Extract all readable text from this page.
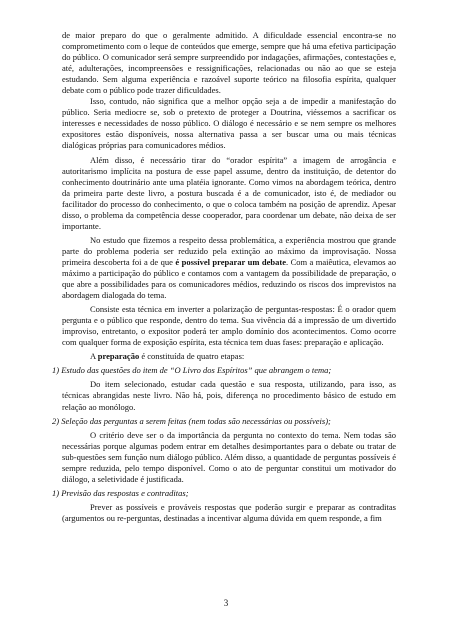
de maior preparo do que o geralmente admitido. A dificuldade essencial encontra-se no comprometimento com o leque de conteúdos que emerge, sempre que há uma efetiva participação do público. O comunicador será sempre surpreendido por indagações, afirmações, contestações e, até, adulterações, incompreensões e ressignificações, relacionadas ou não ao que se esteja estudando. Sem alguma experiência e razoável suporte teórico na filosofia espírita, qualquer debate com o público pode trazer dificuldades.

Isso, contudo, não significa que a melhor opção seja a de impedir a manifestação do público. Seria mediocre se, sob o pretexto de proteger a Doutrina, viéssemos a sacrificar os interesses e necessidades de nosso público. O diálogo é necessário e se nem sempre os melhores expositores estão disponíveis, nossa alternativa passa a ser buscar uma ou mais técnicas dialógicas próprias para comunicadores médios.

Além disso, é necessário tirar do “orador espírita” a imagem de arrogância e autoritarismo implícita na postura de esse papel assume, dentro da instituição, de detentor do conhecimento doutrinário ante uma platéia ignorante. Como vimos na abordagem teórica, dentro da primeira parte deste livro, a postura buscada é a de comunicador, isto é, de mediador ou facilitador do processo do conhecimento, o que o coloca também na posição de aprendiz. Apesar disso, o problema da competência desse cooperador, para coordenar um debate, não deixa de ser importante.

No estudo que fizemos a respeito dessa problemática, a experiência mostrou que grande parte do problema poderia ser reduzido pela extinção ao máximo da improvisação. Nossa primeira descoberta foi a de que é possível preparar um debate. Com a maiêutica, elevamos ao máximo a participação do público e contamos com a vantagem da possibilidade de preparação, o que abre a possibilidades para os comunicadores médios, reduzindo os riscos dos imprevistos na abordagem dialogada do tema.

Consiste esta técnica em inverter a polarização de perguntas-respostas: É o orador quem pergunta e o público que responde, dentro do tema. Sua vivência dá a impressão de um divertido improviso, entretanto, o expositor poderá ter amplo domínio dos acontecimentos. Como ocorre com qualquer forma de exposição espírita, esta técnica tem duas fases: preparação e aplicação.

A preparação é constituída de quatro etapas:

1) Estudo das questões do item de “O Livro dos Espíritos” que abrangem o tema;

Do item selecionado, estudar cada questão e sua resposta, utilizando, para isso, as técnicas abrangidas neste livro. Não há, pois, diferença no procedimento básico de estudo em relação ao monólogo.

2) Seleção das perguntas a serem feitas (nem todas são necessárias ou possíveis);

O critério deve ser o da importância da pergunta no contexto do tema. Nem todas são necessárias porque algumas podem entrar em detalhes desimportantes para o debate ou tratar de sub-questões sem função num diálogo público. Além disso, a quantidade de perguntas possíveis é sempre reduzida, pelo tempo disponível. Como o ato de perguntar constitui um motivador do diálogo, a seletividade é justificada.

1) Previsão das respostas e contraditas;

Prever as possíveis e prováveis respostas que poderão surgir e preparar as contraditas (argumentos ou re-perguntas, destinadas a incentivar alguma dúvida em quem responde, a fim

3
